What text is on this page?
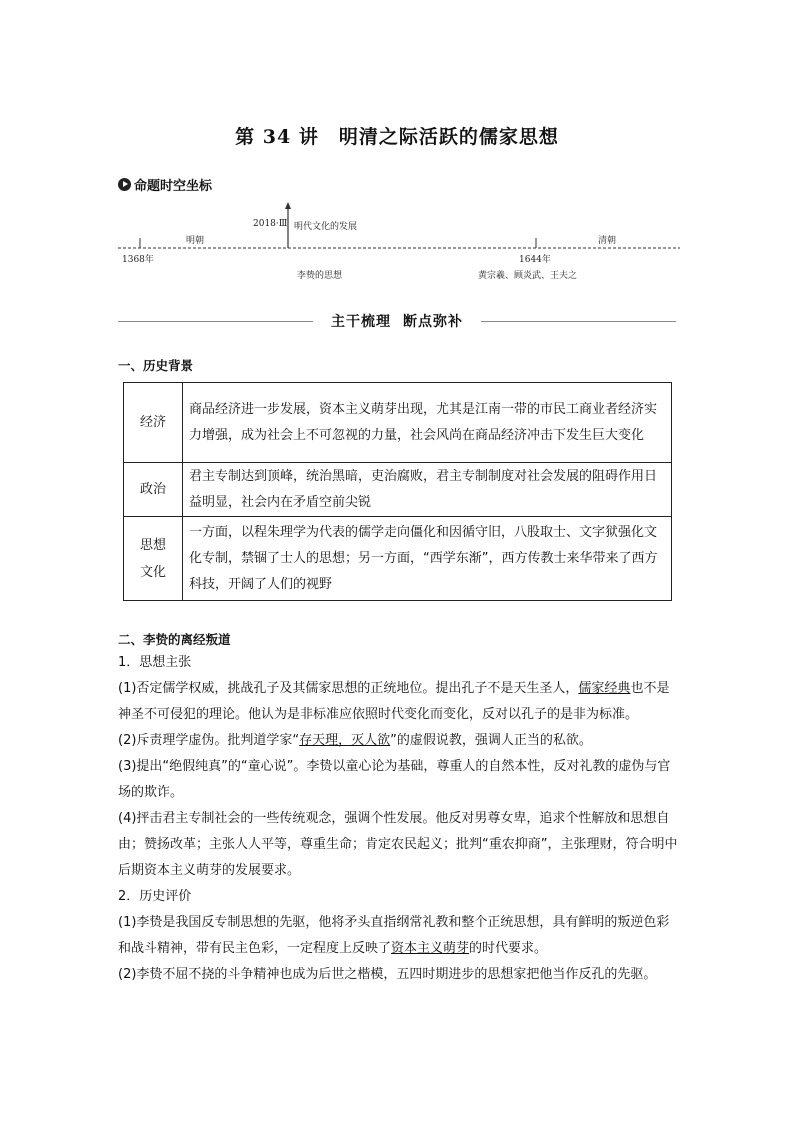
第 34 讲　明清之际活跃的儒家思想
命题时空坐标
明朝	清朝
1368年	1644年
2018·Ⅲ 明代文化的发展
李贽的思想	黄宗羲、顾炎武、王夫之
主干梳理 断点弥补
一、历史背景
经济	商品经济进一步发展，资本主义萌芽出现，尤其是江南一带的市民工商业者经济实力增强，成为社会上不可忽视的力量，社会风尚在商品经济冲击下发生巨大变化
政治	君主专制达到顶峰，统治黑暗，吏治腐败，君主专制制度对社会发展的阻碍作用日益明显，社会内在矛盾空前尖锐
思想文化	一方面，以程朱理学为代表的儒学走向僵化和因循守旧，八股取士、文字狱强化文化专制，禁锢了士人的思想；另一方面，“西学东渐”，西方传教士来华带来了西方科技，开阔了人们的视野
二、李贽的离经叛道
1．思想主张
(1)否定儒学权威，挑战孔子及其儒家思想的正统地位。提出孔子不是天生圣人，儒家经典也不是神圣不可侵犯的理论。他认为是非标准应依照时代变化而变化，反对以孔子的是非为标准。
(2)斥责理学虚伪。批判道学家“存天理，灭人欲”的虚假说教，强调人正当的私欲。
(3)提出“绝假纯真”的“童心说”。李贽以童心论为基础，尊重人的自然本性，反对礼教的虚伪与官场的欺诈。
(4)抨击君主专制社会的一些传统观念，强调个性发展。他反对男尊女卑，追求个性解放和思想自由；赞扬改革；主张人人平等，尊重生命；肯定农民起义；批判“重农抑商”，主张理财，符合明中后期资本主义萌芽的发展要求。
2．历史评价
(1)李贽是我国反专制思想的先驱，他将矛头直指纲常礼教和整个正统思想，具有鲜明的叛逆色彩和战斗精神，带有民主色彩，一定程度上反映了资本主义萌芽的时代要求。
(2)李贽不屈不挠的斗争精神也成为后世之楷模，五四时期进步的思想家把他当作反孔的先驱。
